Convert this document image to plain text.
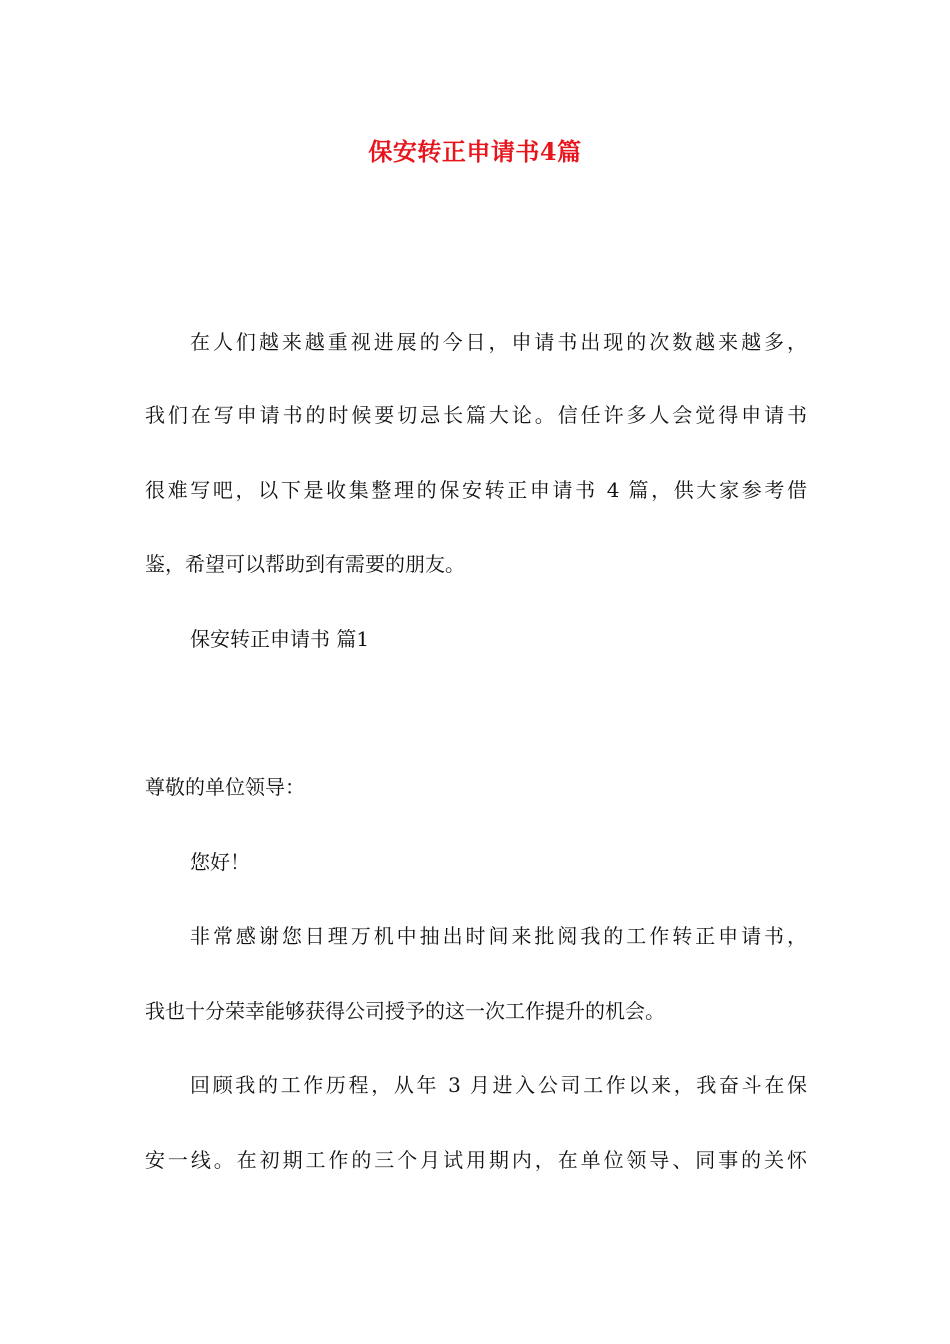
保安转正申请书4篇
在人们越来越重视进展的今日，申请书出现的次数越来越多，
我们在写申请书的时候要切忌长篇大论。信任许多人会觉得申请书
很难写吧，以下是收集整理的保安转正申请书 4 篇，供大家参考借
鉴，希望可以帮助到有需要的朋友。
保安转正申请书 篇1
尊敬的单位领导：
您好！
非常感谢您日理万机中抽出时间来批阅我的工作转正申请书，
我也十分荣幸能够获得公司授予的这一次工作提升的机会。
回顾我的工作历程，从年 3 月进入公司工作以来，我奋斗在保
安一线。在初期工作的三个月试用期内，在单位领导、同事的关怀
